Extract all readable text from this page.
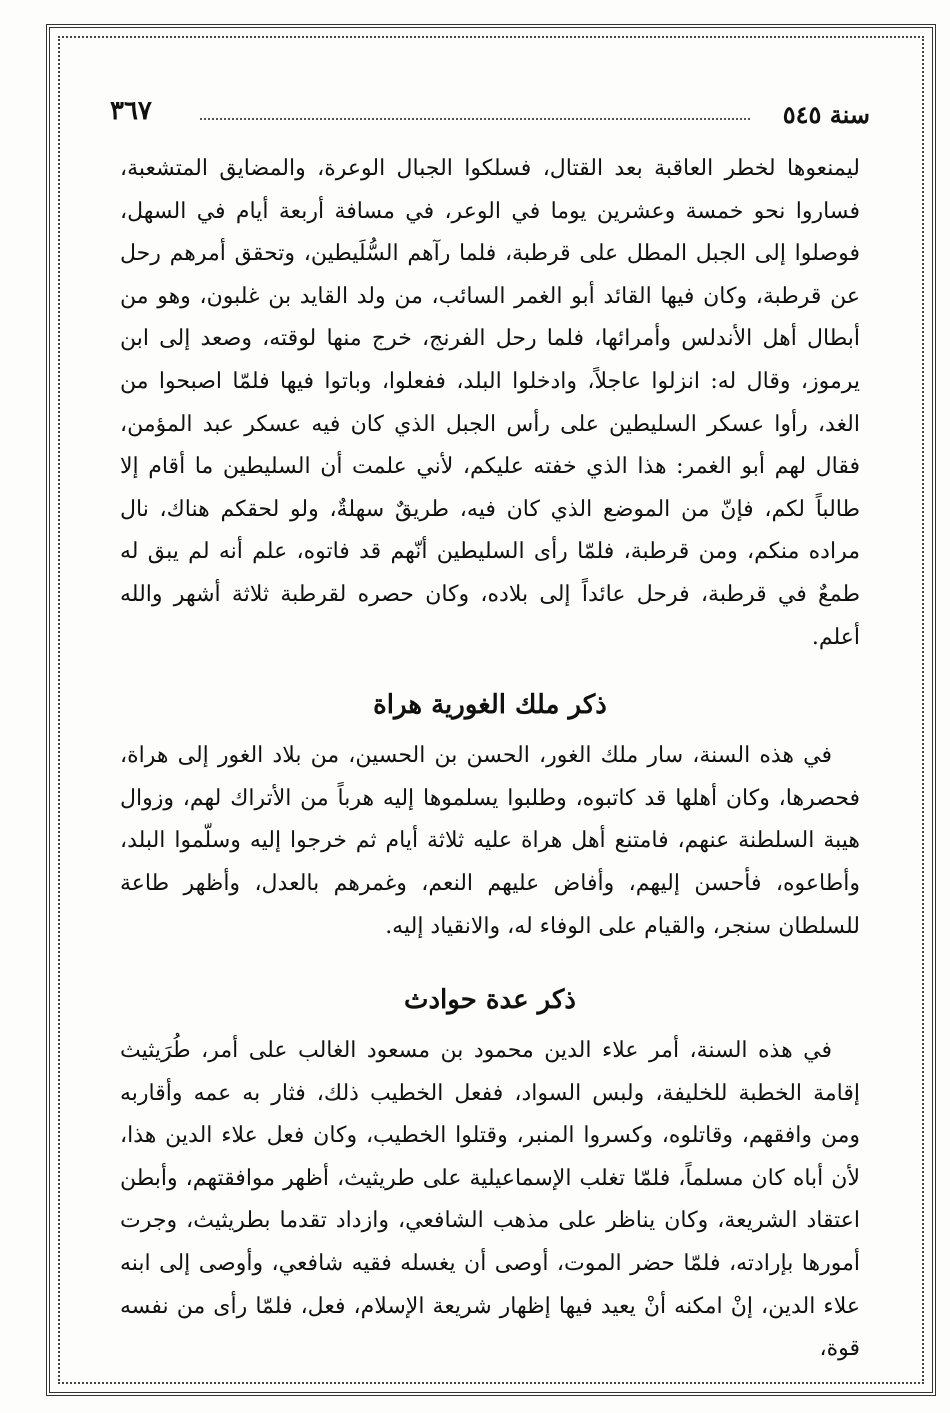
سنة ٥٤٥
٣٦٧

ليمنعوها لخطر العاقبة بعد القتال، فسلكوا الجبال الوعرة، والمضايق المتشعبة، فساروا نحو خمسة وعشرين يوما في الوعر، في مسافة أربعة أيام في السهل، فوصلوا إلى الجبل المطل على قرطبة، فلما رآهم السُّلَيطين، وتحقق أمرهم رحل عن قرطبة، وكان فيها القائد أبو الغمر السائب، من ولد القايد بن غلبون، وهو من أبطال أهل الأندلس وأمرائها، فلما رحل الفرنج، خرج منها لوقته، وصعد إلى ابن يرموز، وقال له: انزلوا عاجلاً، وادخلوا البلد، ففعلوا، وباتوا فيها فلمّا اصبحوا من الغد، رأوا عسكر السليطين على رأس الجبل الذي كان فيه عسكر عبد المؤمن، فقال لهم أبو الغمر: هذا الذي خفته عليكم، لأني علمت أن السليطين ما أقام إلا طالباً لكم، فإنّ من الموضع الذي كان فيه، طريقٌ سهلةٌ، ولو لحقكم هناك، نال مراده منكم، ومن قرطبة، فلمّا رأى السليطين أنّهم قد فاتوه، علم أنه لم يبق له طمعٌ في قرطبة، فرحل عائداً إلى بلاده، وكان حصره لقرطبة ثلاثة أشهر والله أعلم.

ذكر ملك الغورية هراة

في هذه السنة، سار ملك الغور، الحسن بن الحسين، من بلاد الغور إلى هراة، فحصرها، وكان أهلها قد كاتبوه، وطلبوا يسلموها إليه هرباً من الأتراك لهم، وزوال هيبة السلطنة عنهم، فامتنع أهل هراة عليه ثلاثة أيام ثم خرجوا إليه وسلّموا البلد، وأطاعوه، فأحسن إليهم، وأفاض عليهم النعم، وغمرهم بالعدل، وأظهر طاعة للسلطان سنجر، والقيام على الوفاء له، والانقياد إليه.

ذكر عدة حوادث

في هذه السنة، أمر علاء الدين محمود بن مسعود الغالب على أمر، طُرَيثيث إقامة الخطبة للخليفة، ولبس السواد، ففعل الخطيب ذلك، فثار به عمه وأقاربه ومن وافقهم، وقاتلوه، وكسروا المنبر، وقتلوا الخطيب، وكان فعل علاء الدين هذا، لأن أباه كان مسلماً، فلمّا تغلب الإسماعيلية على طريثيث، أظهر موافقتهم، وأبطن اعتقاد الشريعة، وكان يناظر على مذهب الشافعي، وازداد تقدما بطريثيث، وجرت أمورها بإرادته، فلمّا حضر الموت، أوصى أن يغسله فقيه شافعي، وأوصى إلى ابنه علاء الدين، إنْ امكنه أنْ يعيد فيها إظهار شريعة الإسلام، فعل، فلمّا رأى من نفسه قوة،
